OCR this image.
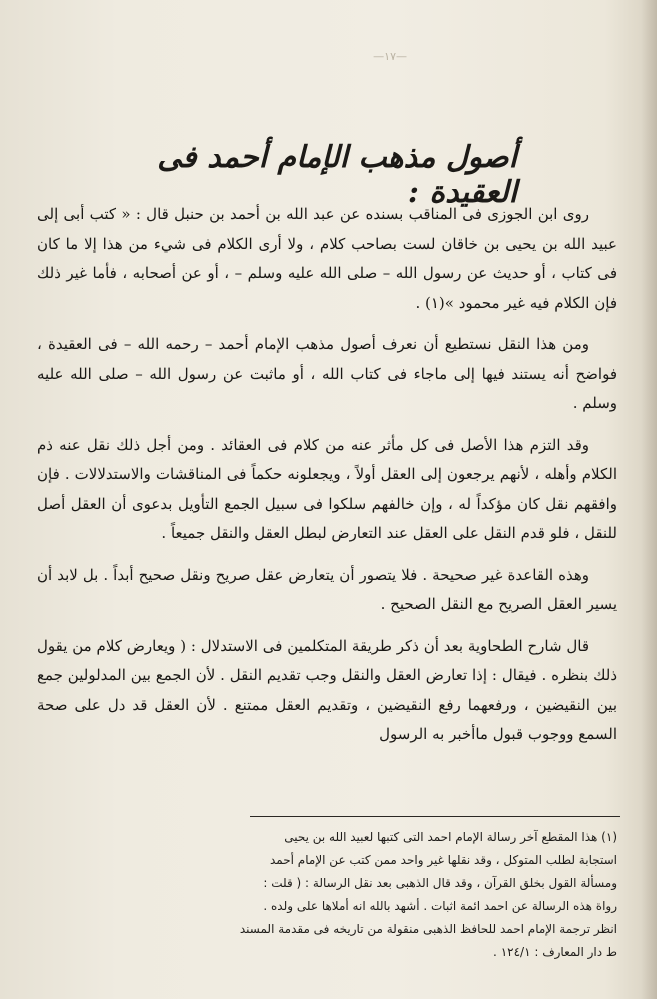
—١٧—
أصول مذهب الإمام أحمد فى العقيدة :

روى ابن الجوزى فى المناقب بسنده عن عبد الله بن أحمد بن حنبل قال : « كتب أبى إلى عبيد الله بن يحيى بن خاقان لست بصاحب كلام ، ولا أرى الكلام فى شيء من هذا إلا ما كان فى كتاب ، أو حديث عن رسول الله – صلى الله عليه وسلم – ، أو عن أصحابه ، فأما غير ذلك فإن الكلام فيه غير محمود »(١) .

ومن هذا النقل نستطيع أن نعرف أصول مذهب الإمام أحمد – رحمه الله – فى العقيدة ، فواضح أنه يستند فيها إلى ماجاء فى كتاب الله ، أو ماثبت عن رسول الله – صلى الله عليه وسلم .

وقد التزم هذا الأصل فى كل مأثر عنه من كلام فى العقائد . ومن أجل ذلك نقل عنه ذم الكلام وأهله ، لأنهم يرجعون إلى العقل أولاً ، ويجعلونه حكماً فى المناقشات والاستدلالات . فإن وافقهم نقل كان مؤكداً له ، وإن خالفهم سلكوا فى سبيل الجمع التأويل بدعوى أن العقل أصل للنقل ، فلو قدم النقل على العقل عند التعارض لبطل العقل والنقل جميعاً .

وهذه القاعدة غير صحيحة . فلا يتصور أن يتعارض عقل صريح ونقل صحيح أبداً . بل لابد أن يسير العقل الصريح مع النقل الصحيح .

قال شارح الطحاوية بعد أن ذكر طريقة المتكلمين فى الاستدلال : ( ويعارض كلام من يقول ذلك بنظره . فيقال : إذا تعارض العقل والنقل وجب تقديم النقل . لأن الجمع بين المدلولين جمع بين النقيضين ، ورفعهما رفع النقيضين ، وتقديم العقل ممتنع . لأن العقل قد دل على صحة السمع ووجوب قبول ماأخبر به الرسول

(١) هذا المقطع آخر رسالة الإمام احمد التى كتبها لعبيد الله بن يحيى

استجابة لطلب المتوكل ، وقد نقلها غير واحد ممن كتب عن الإمام أحمد

ومسألة القول بخلق القرآن ، وقد قال الذهبى بعد نقل الرسالة : ( قلت :

رواة هذه الرسالة عن احمد ائمة اثبات . أشهد بالله انه أملاها على ولده .

انظر ترجمة الإمام احمد للحافظ الذهبى منقولة من تاريخه فى مقدمة المسند

ط دار المعارف : ١٢٤/١ .
